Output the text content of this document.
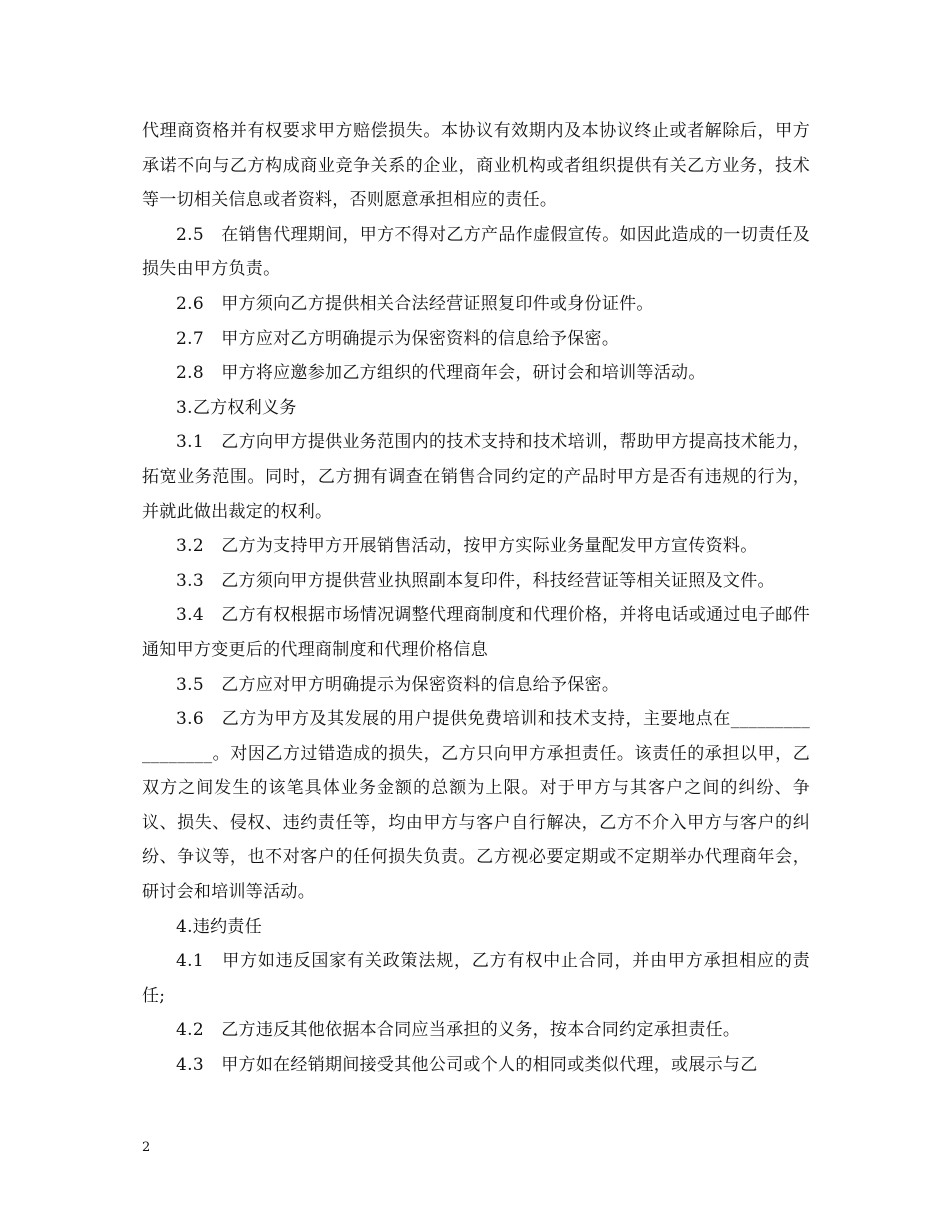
代理商资格并有权要求甲方赔偿损失。本协议有效期内及本协议终止或者解除后，甲方承诺不向与乙方构成商业竞争关系的企业，商业机构或者组织提供有关乙方业务，技术等一切相关信息或者资料，否则愿意承担相应的责任。

2.5　在销售代理期间，甲方不得对乙方产品作虚假宣传。如因此造成的一切责任及损失由甲方负责。

2.6　甲方须向乙方提供相关合法经营证照复印件或身份证件。

2.7　甲方应对乙方明确提示为保密资料的信息给予保密。

2.8　甲方将应邀参加乙方组织的代理商年会，研讨会和培训等活动。

3.乙方权利义务

3.1　乙方向甲方提供业务范围内的技术支持和技术培训，帮助甲方提高技术能力，拓宽业务范围。同时，乙方拥有调查在销售合同约定的产品时甲方是否有违规的行为，并就此做出裁定的权利。

3.2　乙方为支持甲方开展销售活动，按甲方实际业务量配发甲方宣传资料。

3.3　乙方须向甲方提供营业执照副本复印件，科技经营证等相关证照及文件。

3.4　乙方有权根据市场情况调整代理商制度和代理价格，并将电话或通过电子邮件通知甲方变更后的代理商制度和代理价格信息

3.5　乙方应对甲方明确提示为保密资料的信息给予保密。

3.6　乙方为甲方及其发展的用户提供免费培训和技术支持，主要地点在_________________。对因乙方过错造成的损失，乙方只向甲方承担责任。该责任的承担以甲，乙双方之间发生的该笔具体业务金额的总额为上限。对于甲方与其客户之间的纠纷、争议、损失、侵权、违约责任等，均由甲方与客户自行解决，乙方不介入甲方与客户的纠纷、争议等，也不对客户的任何损失负责。乙方视必要定期或不定期举办代理商年会，研讨会和培训等活动。

4.违约责任

4.1　甲方如违反国家有关政策法规，乙方有权中止合同，并由甲方承担相应的责任;

4.2　乙方违反其他依据本合同应当承担的义务，按本合同约定承担责任。

4.3　甲方如在经销期间接受其他公司或个人的相同或类似代理，或展示与乙

2
